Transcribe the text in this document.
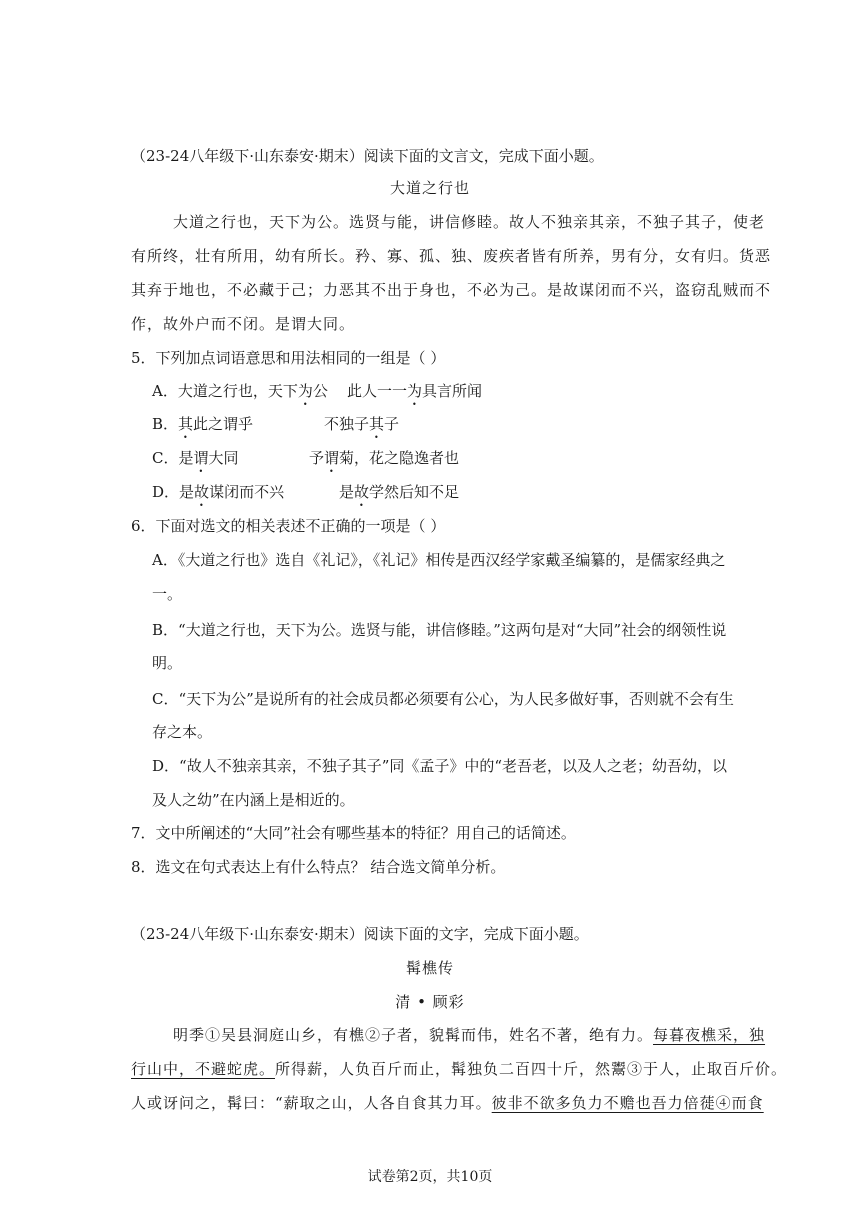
（23-24八年级下·山东泰安·期末）阅读下面的文言文，完成下面小题。
大道之行也
大道之行也，天下为公。选贤与能，讲信修睦。故人不独亲其亲，不独子其子，使老
有所终，壮有所用，幼有所长。矜、寡、孤、独、废疾者皆有所养，男有分，女有归。货恶
其弃于地也，不必藏于己；力恶其不出于身也，不必为己。是故谋闭而不兴，盗窃乱贼而不
作，故外户而不闭。是谓大同。
5．下列加点词语意思和用法相同的一组是（ ）
A．大道之行也，天下为公 此人一一为具言所闻
B．其此之谓乎	不独子其子
C．是谓大同	予谓菊，花之隐逸者也
D．是故谋闭而不兴	是故学然后知不足
6．下面对选文的相关表述不正确的一项是（ ）
A．《大道之行也》选自《礼记》，《礼记》相传是西汉经学家戴圣编纂的，是儒家经典之
一。
B．“大道之行也，天下为公。选贤与能，讲信修睦。”这两句是对“大同”社会的纲领性说
明。
C．“天下为公”是说所有的社会成员都必须要有公心，为人民多做好事，否则就不会有生
存之本。
D．“故人不独亲其亲，不独子其子”同《孟子》中的“老吾老，以及人之老；幼吾幼，以
及人之幼”在内涵上是相近的。
7．文中所阐述的“大同”社会有哪些基本的特征？用自己的话简述。
8．选文在句式表达上有什么特点？ 结合选文简单分析。
（23-24八年级下·山东泰安·期末）阅读下面的文字，完成下面小题。
髯樵传
清 • 顾彩
明季①吴县洞庭山乡，有樵②子者，貌髯而伟，姓名不著，绝有力。每暮夜樵采，独
行山中，不避蛇虎。所得薪，人负百斤而止，髯独负二百四十斤，然鬻③于人，止取百斤价。
人或讶问之，髯曰：“薪取之山，人各自食其力耳。彼非不欲多负力不赡也吾力倍蓰④而食
试卷第2页，共10页
